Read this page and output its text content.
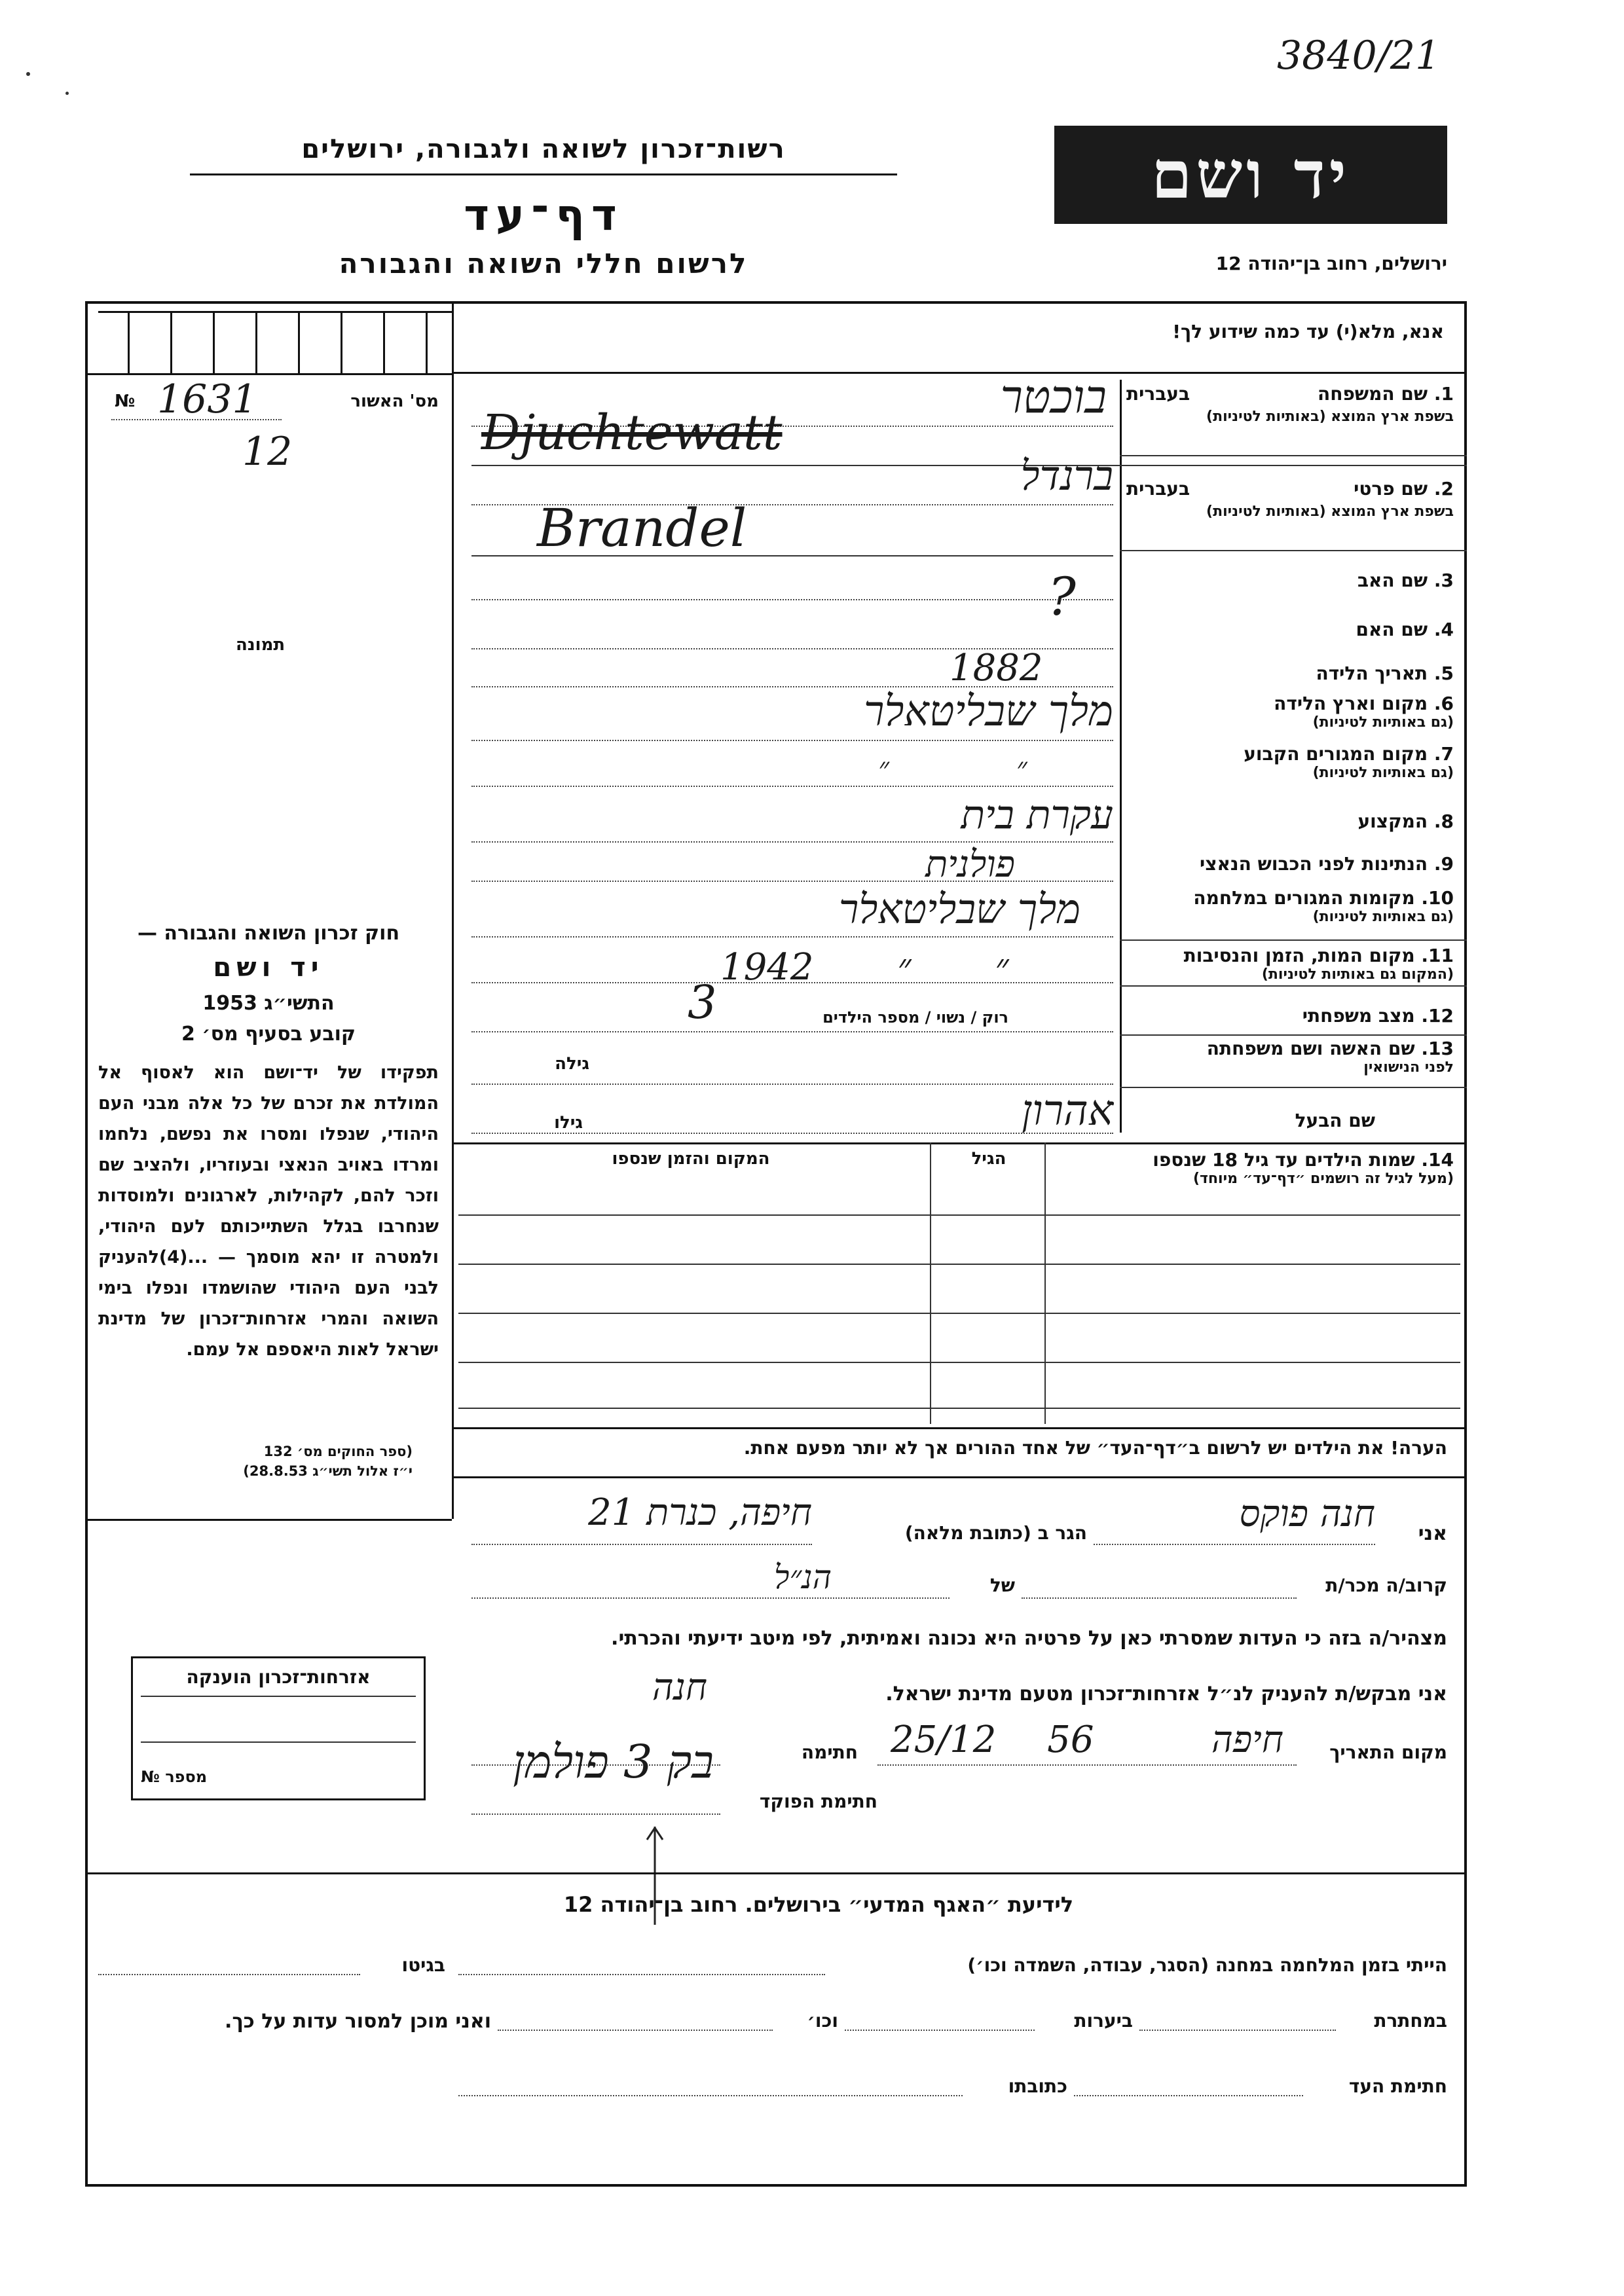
3840/21
רשות־זכרון לשואה ולגבורה, ירושלים
דף־עד
לרשום חללי השואה והגבורה
יד ושם
ירושלים, רחוב בן־יהודה 12
אנא, מלא(י) עד כמה שידוע לך!
מס' האשור
№ 1631
12
תמונה
חוק זכרון השואה והגבורה —
יד ושם
התשי״ג 1953
קובע בסעיף מס׳ 2
תפקידו של יד־ושם הוא לאסוף אל המולדת את זכרם של כל אלה מבני העם היהודי, שנפלו ומסרו את נפשם, נלחמו ומרדו באויב הנאצי ובעוזריו, ולהציב שם וזכר להם, לקהילות, לארגונים ולמוסדות שנחרבו בגלל השתייכותם לעם היהודי, ולמטרה זו יהא מוסמך — ...(4)להעניק לבני העם היהודי שהושמדו ונפלו בימי השואה והמרי אזרחות־זכרון של מדינת ישראל לאות היאספם אל עמם.
(ספר החוקים מס׳ 132
י״ז אלול תשי״ג 28.8.53)
1. שם המשפחה
בעברית
בשפת ארץ המוצא (באותיות לטיניות)
בוכטר
Djuchtewatt
2. שם פרטי
בעברית
בשפת ארץ המוצא (באותיות לטיניות)
ברנדל
Brandel
3. שם האב
?
4. שם האם
5. תאריך הלידה
1882
6. מקום וארץ הלידה
(גם באותיות לטיניות)
מלך שבליטאלר
7. מקום המגורים הקבוע
(גם באותיות לטיניות)
״ ״
8. המקצוע
עקרת בית
9. הנתינות לפני הכבוש הנאצי
פולנית
10. מקומות המגורים במלחמה
(גם באותיות לטיניות)
מלך שבליטאלר
11. מקום המות, הזמן והנסיבות
(המקום גם באותיות לטיניות)
1942 ״ ״
12. מצב משפחתי
רוק / נשוי / מספר הילדים
3
13. שם האשה ושם משפחתה
לפני הנישואין
גילה
שם הבעל
גילו	אהרון
14. שמות הילדים עד גיל 18 שנספו
(מעל לגיל זה רושמים ״דף־עד״ מיוחד)
הגיל
המקום והזמן שנספו
הערה! את הילדים יש לרשום ב״דף־העד״ של אחד ההורים אך לא יותר מפעם אחת.
אני
חנה פוקס
הגר ב (כתובת מלאה)
חיפה, כנרת 21
קרוב/ה מכר/ת
של
הנ״ל
מצהיר/ה בזה כי העדות שמסרתי כאן על פרטיה היא נכונה ואמיתית, לפי מיטב ידיעתי והכרתי.
אני מבקש/ת להעניק לנ״ל אזרחות־זכרון מטעם מדינת ישראל.
חנה
מקום התאריך
חיפה
25/12 56
חתימה
חתימת הפוקד
בק 3 פולמן
אזרחות־זכרון הוענקה
מספר №
לידיעת ״האגף המדעי״ בירושלים. רחוב בן־יהודה 12
הייתי בזמן המלחמה במחנה (הסגר, עבודה, השמדה וכו׳)
בגיטו
במחתרת
ביערות
וכו׳
ואני מוכן למסור עדות על כך.
חתימת העד
כתובתו
